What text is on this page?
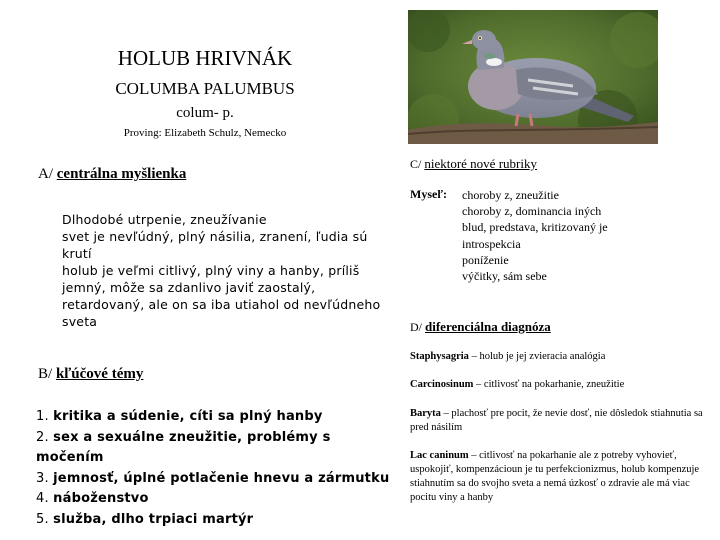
HOLUB HRIVNÁK
COLUMBA PALUMBUS
colum- p.
Proving: Elizabeth Schulz, Nemecko
A/ centrálna myšlienka
Dlhodobé utrpenie, zneužívanie
svet je nevľúdný, plný násilia, zranení, ľudia sú
krutí
holub je veľmi citlivý, plný viny a hanby, príliš
jemný, môže sa zdanlivo javiť zaostalý,
retardovaný, ale on sa iba utiahol od nevľúdneho
sveta
B/ kľúčové témy
1. kritika a súdenie, cíti sa plný hanby
2. sex a sexuálne zneužitie, problémy s močením
3. jemnosť, úplné potlačenie hnevu a zármutku
4. náboženstvo
5. služba, dlho trpiaci martýr
C/ niektoré nové rubriky
Myseľ: choroby z, zneužitie
choroby z, dominancia iných
blud, predstava, kritizovaný je
introspekcia
poníženie
výčitky, sám sebe
D/ diferenciálna diagnóza
Staphysagria – holub je jej zvieracia analógia
Carcinosinum – citlivosť na pokarhanie, zneužitie
Baryta – plachosť pre pocit, že nevie dosť, nie dôsledok stiahnutia sa pred násilím
Lac caninum – citlivosť na pokarhanie ale z potreby vyhovieť, uspokojiť, kompenzácioun je tu perfekcionizmus, holub kompenzuje stiahnutím sa do svojho sveta a nemá úzkosť o zdravie ale má viac pocitu viny a hanby
